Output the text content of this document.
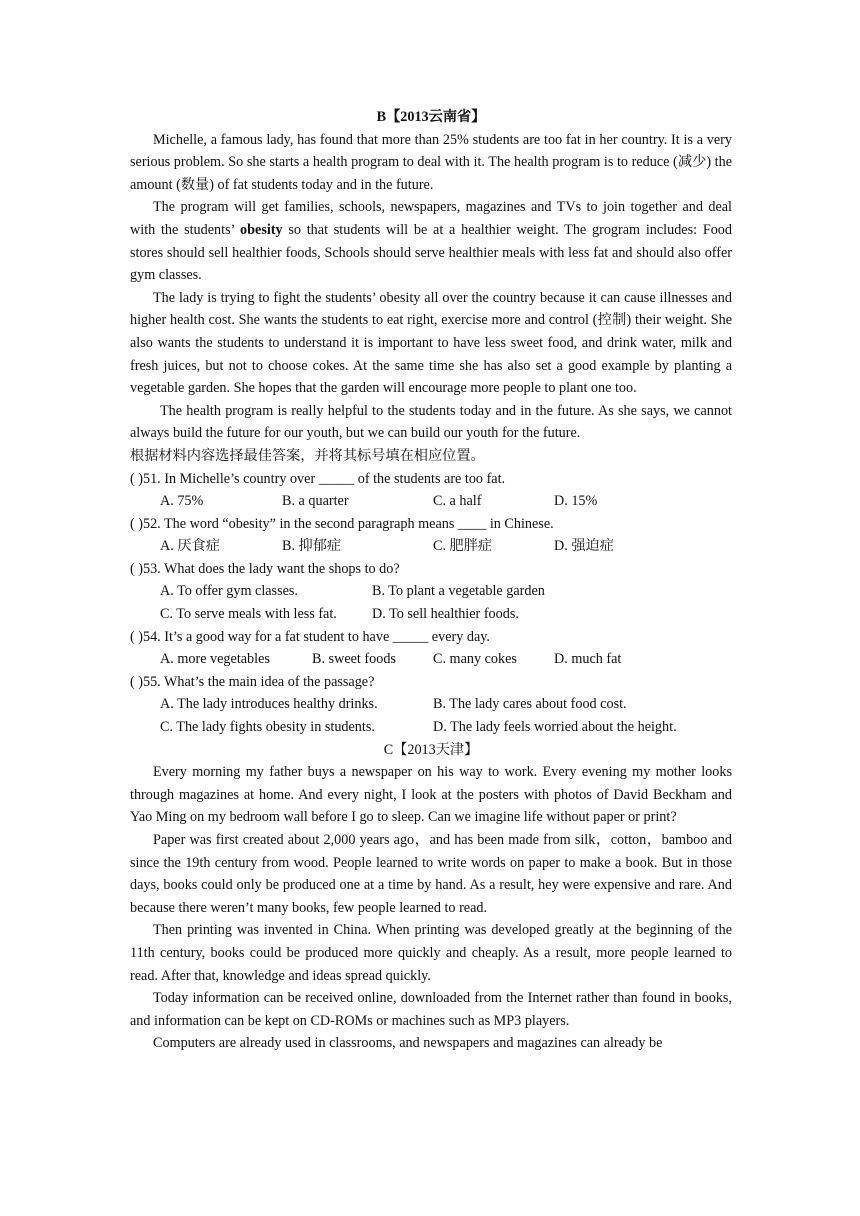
B【2013云南省】

Michelle, a famous lady, has found that more than 25% students are too fat in her country. It is a very serious problem. So she starts a health program to deal with it. The health program is to reduce (减少) the amount (数量) of fat students today and in the future.

The program will get families, schools, newspapers, magazines and TVs to join together and deal with the students’ obesity so that students will be at a healthier weight. The grogram includes: Food stores should sell healthier foods, Schools should serve healthier meals with less fat and should also offer gym classes.

The lady is trying to fight the students’ obesity all over the country because it can cause illnesses and higher health cost. She wants the students to eat right, exercise more and control (控制) their weight. She also wants the students to understand it is important to have less sweet food, and drink water, milk and fresh juices, but not to choose cokes. At the same time she has also set a good example by planting a vegetable garden. She hopes that the garden will encourage more people to plant one too.

The health program is really helpful to the students today and in the future. As she says, we cannot always build the future for our youth, but we can build our youth for the future.

根据材料内容选择最佳答案，并将其标号填在相应位置。

( )51. In Michelle’s country over _____ of the students are too fat.

A. 75%	B. a quarter	C. a half	D. 15%

( )52. The word “obesity” in the second paragraph means ____ in Chinese.

A. 厌食症	B. 抑郁症	C. 肥胖症	D. 强迫症

( )53. What does the lady want the shops to do?

A. To offer gym classes.	B. To plant a vegetable garden
C. To serve meals with less fat. D. To sell healthier foods.

( )54. It’s a good way for a fat student to have _____ every day.

A. more vegetables	B. sweet foods	C. many cokes	D. much fat

( )55. What’s the main idea of the passage?

A. The lady introduces healthy drinks.	B. The lady cares about food cost.
C. The lady fights obesity in students.	D. The lady feels worried about the height.

C【2013天津】

Every morning my father buys a newspaper on his way to work. Every evening my mother looks through magazines at home. And every night, I look at the posters with photos of David Beckham and Yao Ming on my bedroom wall before I go to sleep. Can we imagine life without paper or print?

Paper was first created about 2,000 years ago，and has been made from silk，cotton，bamboo and since the 19th century from wood. People learned to write words on paper to make a book. But in those days, books could only be produced one at a time by hand. As a result, hey were expensive and rare. And because there weren’t many books, few people learned to read.

Then printing was invented in China. When printing was developed greatly at the beginning of the 11th century, books could be produced more quickly and cheaply. As a result, more people learned to read. After that, knowledge and ideas spread quickly.

Today information can be received online, downloaded from the Internet rather than found in books, and information can be kept on CD-ROMs or machines such as MP3 players.

Computers are already used in classrooms, and newspapers and magazines can already be
